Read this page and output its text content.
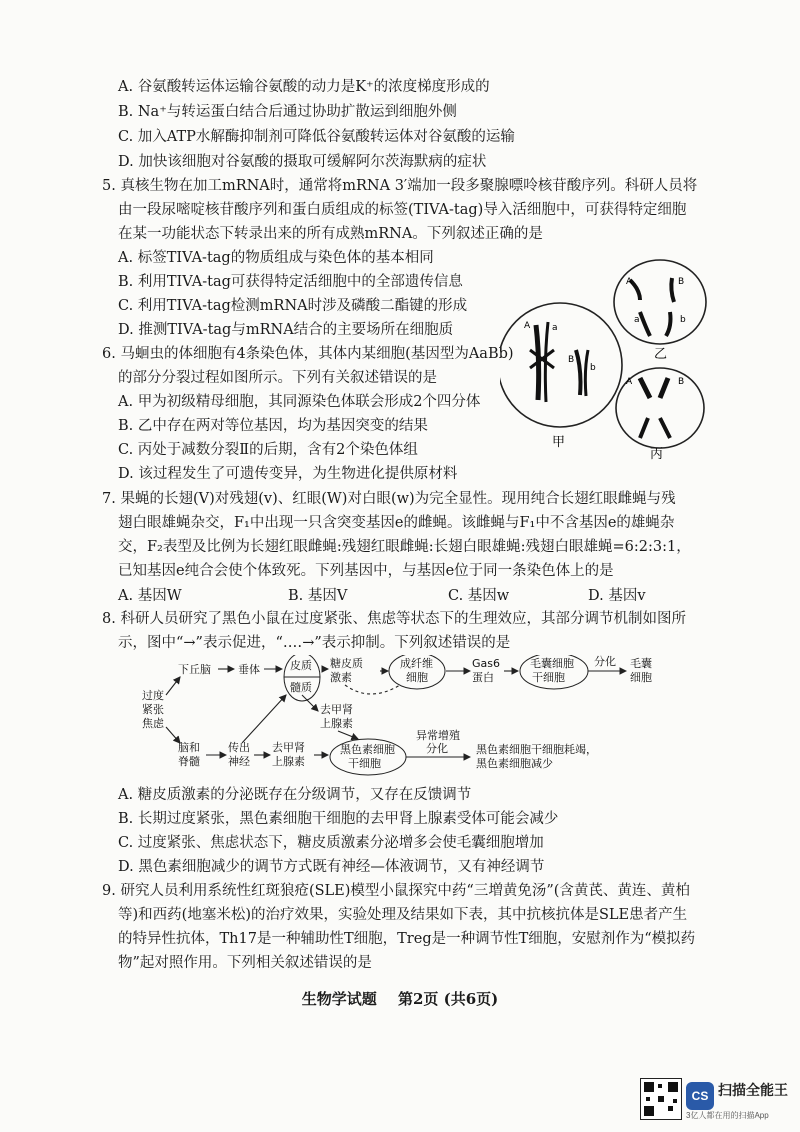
A. 谷氨酸转运体运输谷氨酸的动力是K⁺的浓度梯度形成的
B. Na⁺与转运蛋白结合后通过协助扩散运到细胞外侧
C. 加入ATP水解酶抑制剂可降低谷氨酸转运体对谷氨酸的运输
D. 加快该细胞对谷氨酸的摄取可缓解阿尔茨海默病的症状
5. 真核生物在加工mRNA时，通常将mRNA 3′端加一段多聚腺嘌呤核苷酸序列。科研人员将
由一段尿嘧啶核苷酸序列和蛋白质组成的标签(TIVA-tag)导入活细胞中，可获得特定细胞
在某一功能状态下转录出来的所有成熟mRNA。下列叙述正确的是
A. 标签TIVA-tag的物质组成与染色体的基本相同
B. 利用TIVA-tag可获得特定活细胞中的全部遗传信息
C. 利用TIVA-tag检测mRNA时涉及磷酸二酯键的形成
D. 推测TIVA-tag与mRNA结合的主要场所在细胞质
6. 马蛔虫的体细胞有4条染色体，其体内某细胞(基因型为AaBb)
的部分分裂过程如图所示。下列有关叙述错误的是
A. 甲为初级精母细胞，其同源染色体联会形成2个四分体
B. 乙中存在两对等位基因，均为基因突变的结果
C. 丙处于减数分裂Ⅱ的后期，含有2个染色体组
D. 该过程发生了可遗传变异，为生物进化提供原材料
A a
B
b
甲
A	B
a	b
乙
A	B
丙
7. 果蝇的长翅(V)对残翅(v)、红眼(W)对白眼(w)为完全显性。现用纯合长翅红眼雌蝇与残
翅白眼雄蝇杂交，F₁中出现一只含突变基因e的雌蝇。该雌蝇与F₁中不含基因e的雄蝇杂
交，F₂表型及比例为长翅红眼雌蝇:残翅红眼雌蝇:长翅白眼雄蝇:残翅白眼雄蝇=6:2:3:1，
已知基因e纯合会使个体致死。下列基因中，与基因e位于同一条染色体上的是
A. 基因W	B. 基因V	C. 基因w	D. 基因v
8. 科研人员研究了黑色小鼠在过度紧张、焦虑等状态下的生理效应，其部分调节机制如图所
示，图中“→”表示促进，“‥‥→”表示抑制。下列叙述错误的是
过度
紧张
焦虑
下丘脑 垂体	皮质
髓质
糖皮质
激素
成纤维
细胞
Gas6
蛋白
毛囊细胞
干细胞
分化 毛囊
细胞
去甲肾
上腺素
脑和
脊髓
传出
神经
去甲肾
上腺素
黑色素细胞
干细胞
异常增殖
分化	黑色素细胞干细胞耗竭，
黑色素细胞减少
A. 糖皮质激素的分泌既存在分级调节，又存在反馈调节
B. 长期过度紧张，黑色素细胞干细胞的去甲肾上腺素受体可能会减少
C. 过度紧张、焦虑状态下，糖皮质激素分泌增多会使毛囊细胞增加
D. 黑色素细胞减少的调节方式既有神经—体液调节，又有神经调节
9. 研究人员利用系统性红斑狼疮(SLE)模型小鼠探究中药“三増黄免汤”(含黄芪、黄连、黄柏
等)和西药(地塞米松)的治疗效果，实验处理及结果如下表，其中抗核抗体是SLE患者产生
的特异性抗体，Th17是一种辅助性T细胞，Treg是一种调节性T细胞，安慰剂作为“模拟药
物”起对照作用。下列相关叙述错误的是
生物学试题 第2页 (共6页)
CS 扫描全能王
3亿人都在用的扫描App
